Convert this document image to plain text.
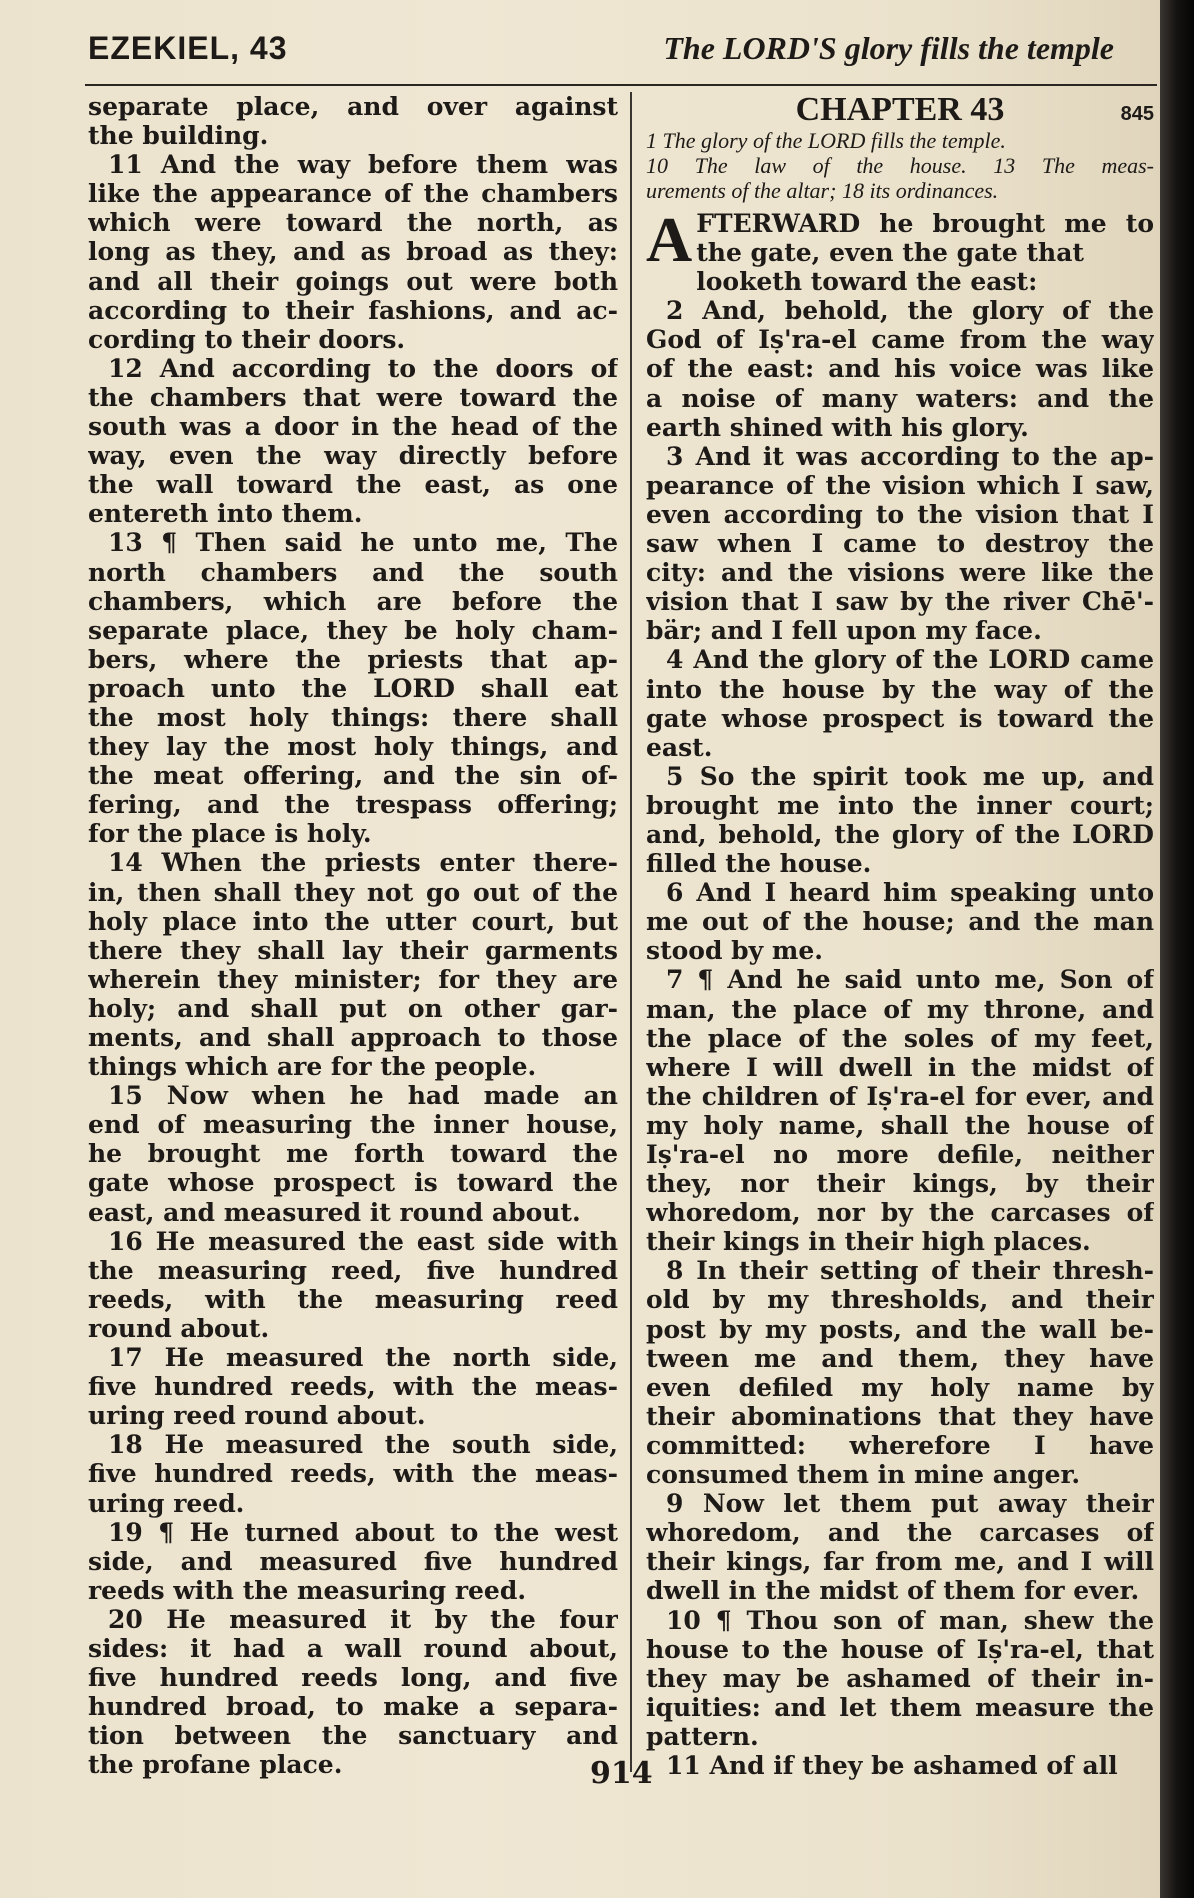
EZEKIEL, 43	The LORD'S glory fills the temple
separate place, and over against
the building.
11 And the way before them was
like the appearance of the chambers
which were toward the north, as
long as they, and as broad as they:
and all their goings out were both
according to their fashions, and ac-
cording to their doors.
12 And according to the doors of
the chambers that were toward the
south was a door in the head of the
way, even the way directly before
the wall toward the east, as one
entereth into them.
13 ¶ Then said he unto me, The
north chambers and the south
chambers, which are before the
separate place, they be holy cham-
bers, where the priests that ap-
proach unto the LORD shall eat
the most holy things: there shall
they lay the most holy things, and
the meat offering, and the sin of-
fering, and the trespass offering;
for the place is holy.
14 When the priests enter there-
in, then shall they not go out of the
holy place into the utter court, but
there they shall lay their garments
wherein they minister; for they are
holy; and shall put on other gar-
ments, and shall approach to those
things which are for the people.
15 Now when he had made an
end of measuring the inner house,
he brought me forth toward the
gate whose prospect is toward the
east, and measured it round about.
16 He measured the east side with
the measuring reed, five hundred
reeds, with the measuring reed
round about.
17 He measured the north side,
five hundred reeds, with the meas-
uring reed round about.
18 He measured the south side,
five hundred reeds, with the meas-
uring reed.
19 ¶ He turned about to the west
side, and measured five hundred
reeds with the measuring reed.
20 He measured it by the four
sides: it had a wall round about,
five hundred reeds long, and five
hundred broad, to make a separa-
tion between the sanctuary and
the profane place.
CHAPTER 43	845
1 The glory of the LORD fills the temple.
10 The law of the house. 13 The meas-
urements of the altar; 18 its ordinances.
A FTERWARD he brought me to
the gate, even the gate that
looketh toward the east:
2 And, behold, the glory of the
God of Iṣ'ra-el came from the way
of the east: and his voice was like
a noise of many waters: and the
earth shined with his glory.
3 And it was according to the ap-
pearance of the vision which I saw,
even according to the vision that I
saw when I came to destroy the
city: and the visions were like the
vision that I saw by the river Chē'-
bär; and I fell upon my face.
4 And the glory of the LORD came
into the house by the way of the
gate whose prospect is toward the
east.
5 So the spirit took me up, and
brought me into the inner court;
and, behold, the glory of the LORD
filled the house.
6 And I heard him speaking unto
me out of the house; and the man
stood by me.
7 ¶ And he said unto me, Son of
man, the place of my throne, and
the place of the soles of my feet,
where I will dwell in the midst of
the children of Iṣ'ra-el for ever, and
my holy name, shall the house of
Iṣ'ra-el no more defile, neither
they, nor their kings, by their
whoredom, nor by the carcases of
their kings in their high places.
8 In their setting of their thresh-
old by my thresholds, and their
post by my posts, and the wall be-
tween me and them, they have
even defiled my holy name by
their abominations that they have
committed: wherefore I have
consumed them in mine anger.
9 Now let them put away their
whoredom, and the carcases of
their kings, far from me, and I will
dwell in the midst of them for ever.
10 ¶ Thou son of man, shew the
house to the house of Iṣ'ra-el, that
they may be ashamed of their in-
iquities: and let them measure the
pattern.
11 And if they be ashamed of all
914
